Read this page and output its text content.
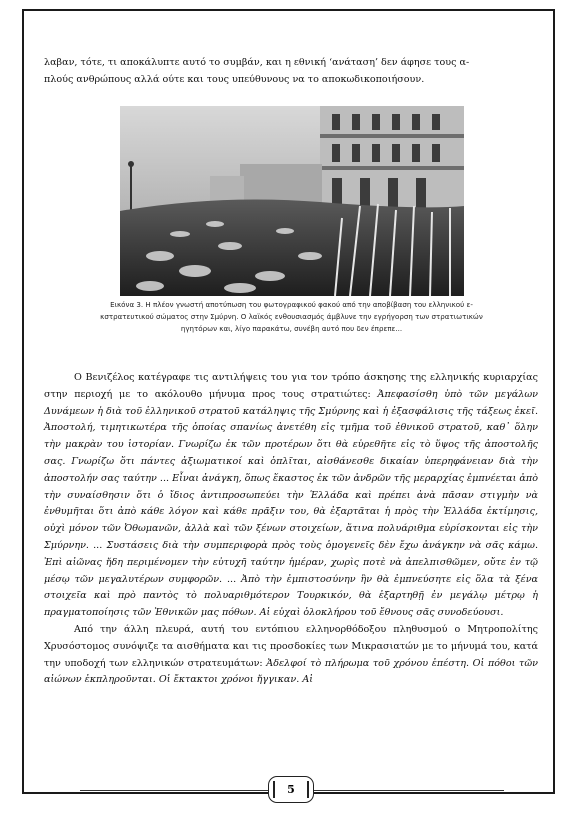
λαβαν, τότε, τι αποκάλυπτε αυτό το συμβάν, και η εθνική ‘ανάταση’ δεν άφησε τους α-
πλούς ανθρώπους αλλά ούτε και τους υπεύθυνους να το αποκωδικοποιήσουν.
Εικόνα 3. Η πλέον γνωστή αποτύπωση του φωτογραφικού φακού από την αποβίβαση του ελληνικού ε-
κστρατευτικού σώματος στην Σμύρνη. Ο λαϊκός ενθουσιασμός άμβλυνε την εγρήγορση των στρατιωτικών
ηγητόρων και, λίγο παρακάτω, συνέβη αυτό που δεν έπρεπε...

Ο Βενιζέλος κατέγραφε τις αντιλήψεις του για τον τρόπο άσκησης της ελληνικής κυριαρχίας στην περιοχή με το ακόλουθο μήνυμα προς τους στρατιώτες: Ἀπεφασίσθη ὑπὸ τῶν μεγάλων Δυνάμεων ἡ διὰ τοῦ ἑλληνικοῦ στρατοῦ κατάληψις τῆς Σμύρνης καὶ ἡ ἐξασφάλισις τῆς τάξεως ἐκεῖ. Ἀποστολή, τιμητικωτέρα τῆς ὁποίας σπανίως ἀνετέθη εἰς τμῆμα τοῦ ἐθνικοῦ στρατοῦ, καθ᾽ ὅλην τὴν μακρὰν του ἱστορίαν. Γνωρίζω ἐκ τῶν προτέρων ὅτι θὰ εὑρεθῆτε εἰς τὸ ὕψος τῆς ἀποστολῆς σας. Γνωρίζω ὅτι πάντες ἀξιωματικοί καὶ ὁπλῖται, αἰσθάνεσθε δικαίαν ὑπερηφάνειαν διὰ τὴν ἀποστολήν σας ταύτην ... Εἶναι ἀνάγκη, ὅπως ἕκαστος ἐκ τῶν ἀνδρῶν τῆς μεραρχίας ἐμπνέεται ἀπὸ τὴν συναίσθησιν ὅτι ὁ ἴδιος ἀντιπροσωπεύει τὴν Ἑλλάδα καὶ πρέπει ἀνὰ πᾶσαν στιγμὴν νὰ ἐνθυμῆται ὅτι ἀπὸ κάθε λόγον καὶ κάθε πρᾶξιν του, θὰ ἐξαρτᾶται ἡ πρὸς τὴν Ἑλλάδα ἐκτίμησις, οὐχὶ μόνον τῶν Ὀθωμανῶν, ἀλλὰ καὶ τῶν ξένων στοιχείων, ἅτινα πολυάριθμα εὑρίσκονται εἰς τὴν Σμύρνην. ... Συστάσεις διὰ τὴν συμπεριφορὰ πρὸς τοὺς ὁμογενεῖς δὲν ἔχω ἀνάγκην νὰ σᾶς κάμω. Ἐπὶ αἰῶνας ἤδη περιμένομεν τὴν εὐτυχῆ ταύτην ἡμέραν, χωρὶς ποτὲ νὰ ἀπελπισθῶμεν, οὔτε ἐν τῷ μέσῳ τῶν μεγαλυτέρων συμφορῶν. ... Ἀπὸ τὴν ἐμπιστοσύνην ἣν θὰ ἐμπνεύσητε εἰς ὅλα τὰ ξένα στοιχεῖα καὶ πρὸ παντὸς τὸ πολυαριθμότερον Τουρκικόν, θὰ ἐξαρτηθῇ ἐν μεγάλῳ μέτρῳ ἡ πραγματοποίησις τῶν Ἐθνικῶν μας πόθων. Αἱ εὐχαὶ ὁλοκλήρου τοῦ ἔθνους σᾶς συνοδεύουσι.

Από την άλλη πλευρά, αυτή του εντόπιου ελληνορθόδοξου πληθυσμού ο Μητροπολίτης Χρυσόστομος συνόψιζε τα αισθήματα και τις προσδοκίες των Μικρασιατών με το μήνυμά του, κατά την υποδοχή των ελληνικών στρατευμάτων: Ἀδελφοί τὸ πλήρωμα τοῦ χρόνου ἐπέστη. Οἱ πόθοι τῶν αἰώνων ἐκπληροῦνται. Οἱ ἔκτακτοι χρόνοι ἤγγικαν. Αἱ

5
